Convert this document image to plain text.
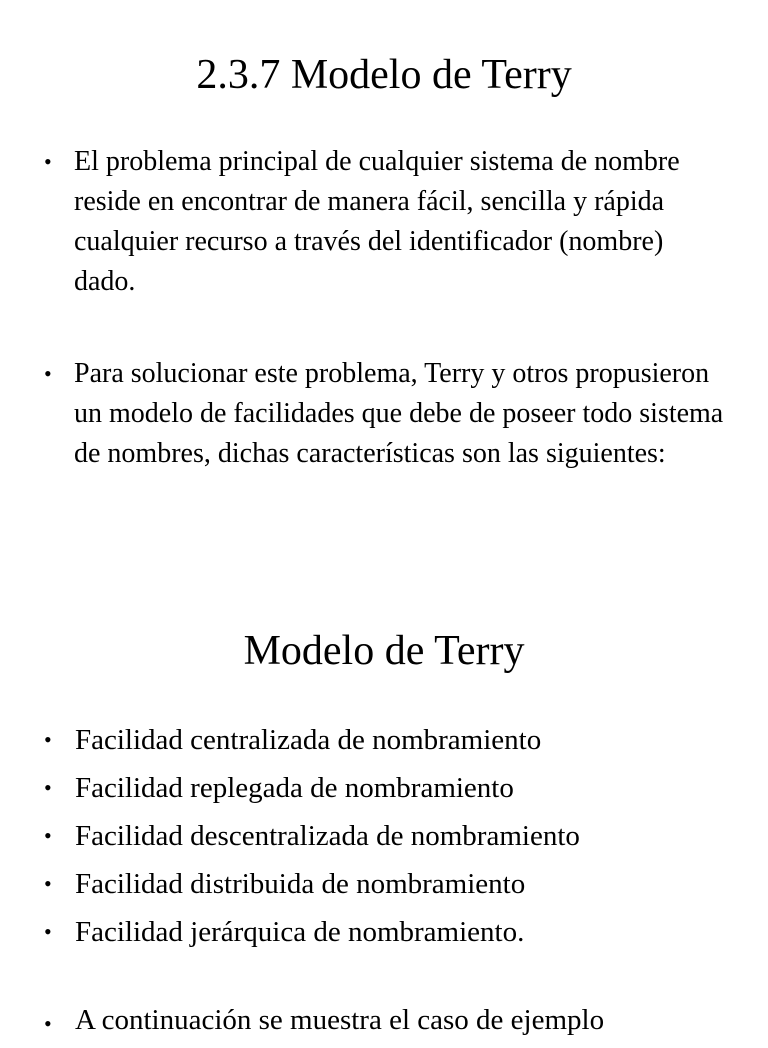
2.3.7 Modelo de Terry
• El problema principal de cualquier sistema de nombre reside en encontrar de manera fácil, sencilla y rápida cualquier recurso a través del identificador (nombre) dado.
• Para solucionar este problema, Terry y otros propusieron un modelo de facilidades que debe de poseer todo sistema de nombres, dichas características son las siguientes:
Modelo de Terry
• Facilidad centralizada de nombramiento
• Facilidad replegada de nombramiento
• Facilidad descentralizada de nombramiento
• Facilidad distribuida de nombramiento
• Facilidad jerárquica de nombramiento.
• A continuación se muestra el caso de ejemplo
